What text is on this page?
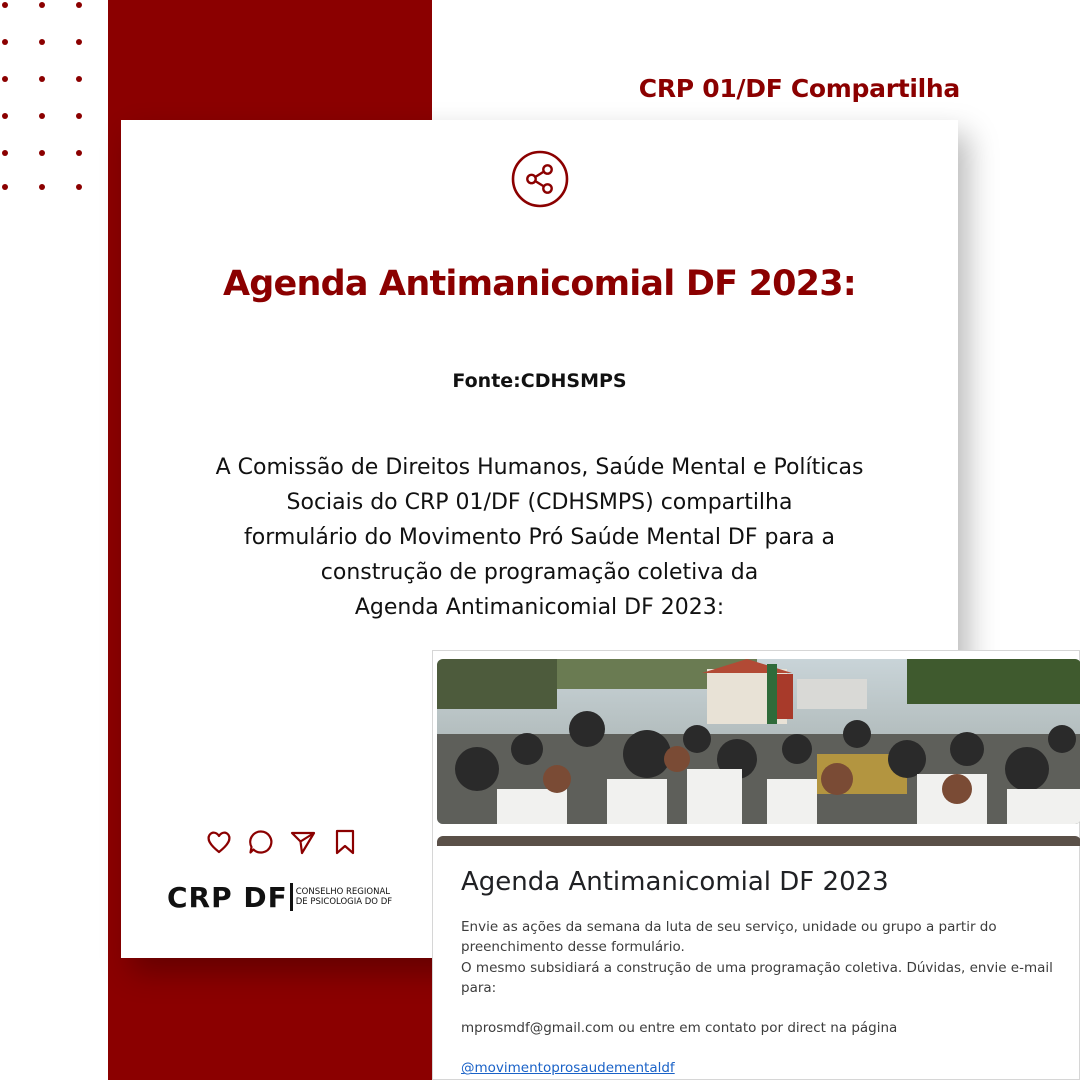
CRP 01/DF Compartilha
Agenda Antimanicomial DF 2023:
Fonte:CDHSMPS
A Comissão de Direitos Humanos, Saúde Mental e Políticas
Sociais do CRP 01/DF (CDHSMPS) compartilha
formulário do Movimento Pró Saúde Mental DF para a
construção de programação coletiva da
Agenda Antimanicomial DF 2023:
CRP DF CONSELHO REGIONAL
DE PSICOLOGIA DO DF
Agenda Antimanicomial DF 2023
Envie as ações da semana da luta de seu serviço, unidade ou grupo a partir do
preenchimento desse formulário.
O mesmo subsidiará a construção de uma programação coletiva. Dúvidas, envie e-mail
para:
mprosmdf@gmail.com ou entre em contato por direct na página
@movimentoprosaudementaldf
